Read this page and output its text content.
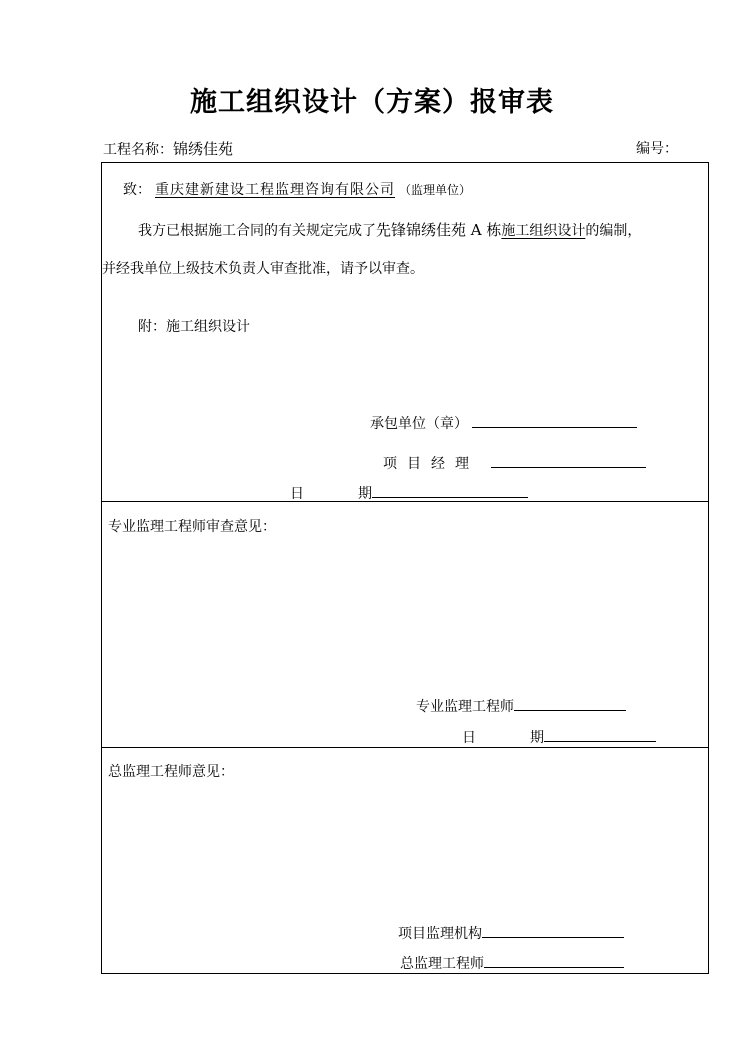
施工组织设计（方案）报审表
工程名称：锦绣佳苑	编号：
致： 重庆建新建设工程监理咨询有限公司 （监理单位）
我方已根据施工合同的有关规定完成了先锋锦绣佳苑 A 栋施工组织设计的编制，
并经我单位上级技术负责人审查批准，请予以审查。
附：施工组织设计
承包单位（章）
项目经理
日	期
专业监理工程师审查意见：
专业监理工程师
日	期
总监理工程师意见：
项目监理机构
总监理工程师
